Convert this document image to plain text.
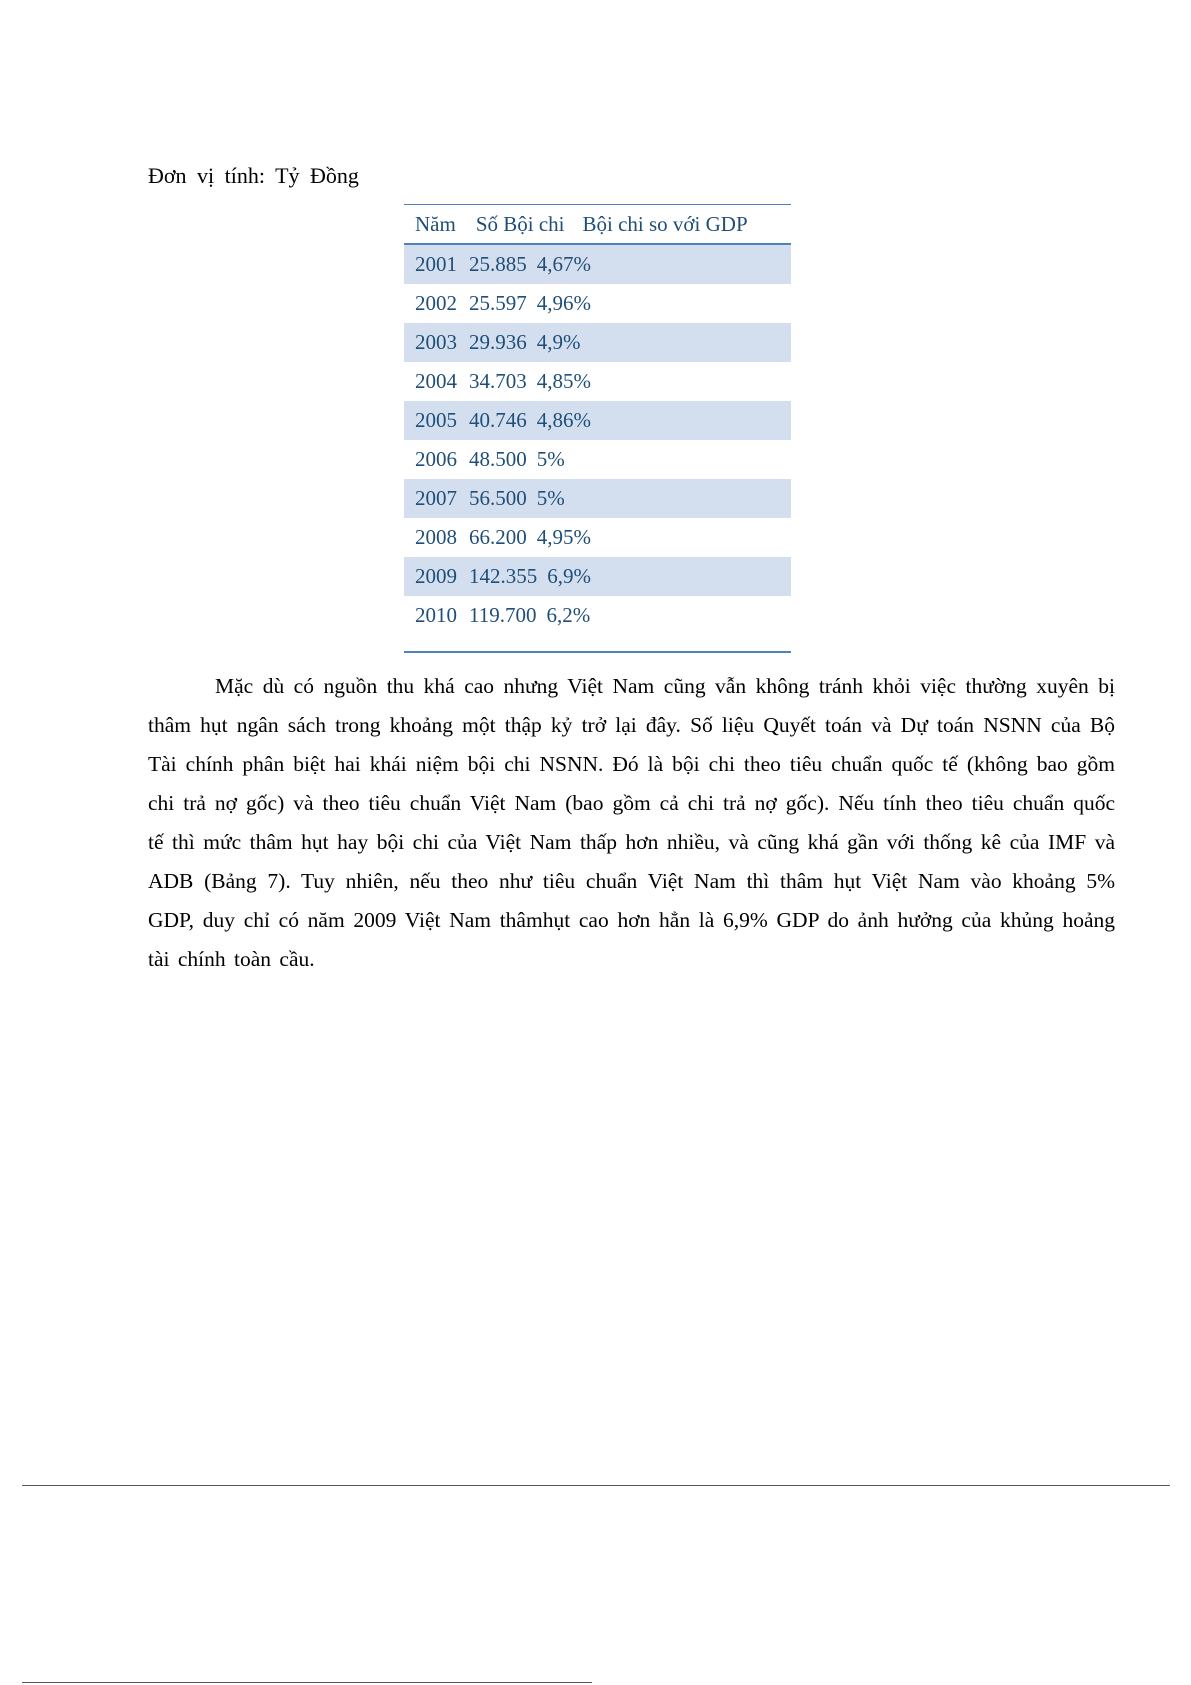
Đơn vị tính: Tỷ Đồng
Năm Số Bội chi Bội chi so với GDP
2001 25.885 4,67%
2002 25.597 4,96%
2003 29.936 4,9%
2004 34.703 4,85%
2005 40.746 4,86%
2006 48.500 5%
2007 56.500 5%
2008 66.200 4,95%
2009 142.355 6,9%
2010 119.700 6,2%
Mặc dù có nguồn thu khá cao nhưng Việt Nam cũng vẫn không tránh khỏi việc thường xuyên bị thâm hụt ngân sách trong khoảng một thập kỷ trở lại đây. Số liệu Quyết toán và Dự toán NSNN của Bộ Tài chính phân biệt hai khái niệm bội chi NSNN. Đó là bội chi theo tiêu chuẩn quốc tế (không bao gồm chi trả nợ gốc) và theo tiêu chuẩn Việt Nam (bao gồm cả chi trả nợ gốc). Nếu tính theo tiêu chuẩn quốc tế thì mức thâm hụt hay bội chi của Việt Nam thấp hơn nhiều, và cũng khá gần với thống kê của IMF và ADB (Bảng 7). Tuy nhiên, nếu theo như tiêu chuẩn Việt Nam thì thâm hụt Việt Nam vào khoảng 5% GDP, duy chỉ có năm 2009 Việt Nam thâmhụt cao hơn hẳn là 6,9% GDP do ảnh hưởng của khủng hoảng tài chính toàn cầu.
